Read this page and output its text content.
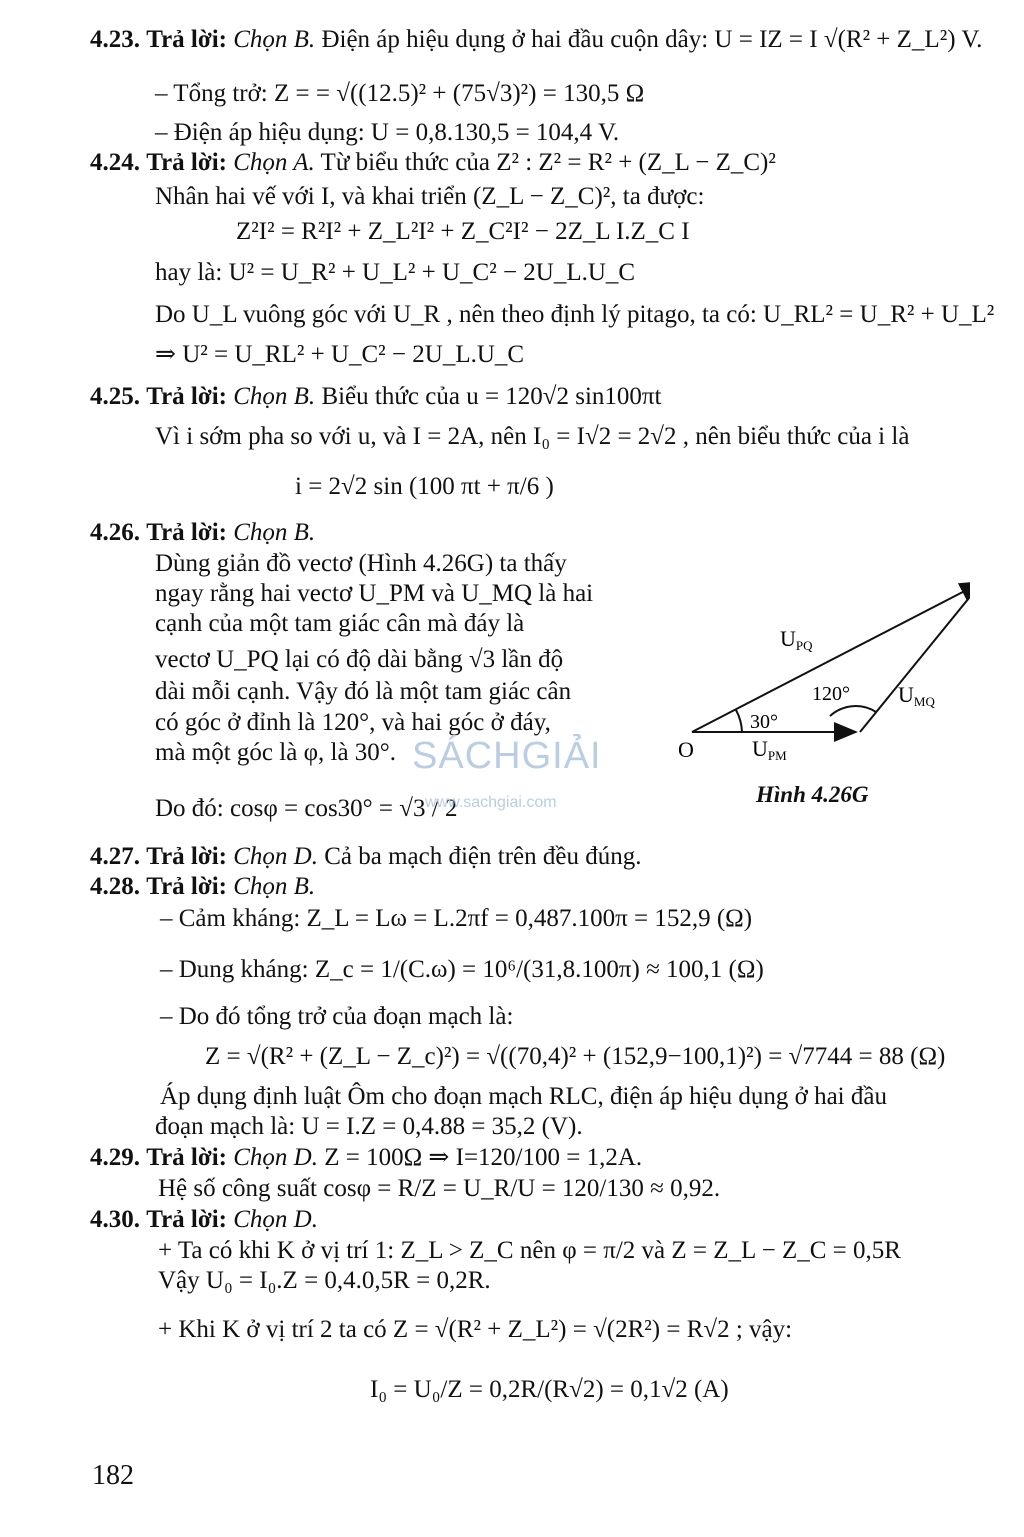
4.23. Trả lời: Chọn B. Điện áp hiệu dụng ở hai đầu cuộn dây: U = IZ = I √(R² + Z_L²) V.
– Tổng trở: Z = = √((12.5)² + (75√3)²) = 130,5 Ω
– Điện áp hiệu dụng: U = 0,8.130,5 = 104,4 V.
4.24. Trả lời: Chọn A. Từ biểu thức của Z² : Z² = R² + (Z_L − Z_C)²
Nhân hai vế với I, và khai triển (Z_L − Z_C)², ta được:
Z²I² = R²I² + Z_L²I² + Z_C²I² − 2Z_L I.Z_C I
hay là: U² = U_R² + U_L² + U_C² − 2U_L.U_C
Do U_L vuông góc với U_R , nên theo định lý pitago, ta có: U_RL² = U_R² + U_L²
⇒ U² = U_RL² + U_C² − 2U_L.U_C
4.25. Trả lời: Chọn B. Biểu thức của u = 120√2 sin100πt
Vì i sớm pha so với u, và I = 2A, nên I₀ = I√2 = 2√2 , nên biểu thức của i là
i = 2√2 sin (100 πt + π/6 )
4.26. Trả lời: Chọn B.
Dùng giản đồ vectơ (Hình 4.26G) ta thấy
ngay rằng hai vectơ U_PM và U_MQ là hai
cạnh của một tam giác cân mà đáy là
vectơ U_PQ lại có độ dài bằng √3 lần độ
dài mỗi cạnh. Vậy đó là một tam giác cân
có góc ở đỉnh là 120°, và hai góc ở đáy,
mà một góc là φ, là 30°.
Do đó: cosφ = cos30° = √3 / 2
UPQ
UMQ
UPM
O
120°
30°
Hình 4.26G
SÁCHGIẢI
www.sachgiai.com
4.27. Trả lời: Chọn D. Cả ba mạch điện trên đều đúng.
4.28. Trả lời: Chọn B.
– Cảm kháng: Z_L = Lω = L.2πf = 0,487.100π = 152,9 (Ω)
– Dung kháng: Z_c = 1/(C.ω) = 10⁶/(31,8.100π) ≈ 100,1 (Ω)
– Do đó tổng trở của đoạn mạch là:
Z = √(R² + (Z_L − Z_c)²) = √((70,4)² + (152,9−100,1)²) = √7744 = 88 (Ω)
Áp dụng định luật Ôm cho đoạn mạch RLC, điện áp hiệu dụng ở hai đầu
đoạn mạch là: U = I.Z = 0,4.88 = 35,2 (V).
4.29. Trả lời: Chọn D. Z = 100Ω ⇒ I=120/100 = 1,2A.
Hệ số công suất cosφ = R/Z = U_R/U = 120/130 ≈ 0,92.
4.30. Trả lời: Chọn D.
+ Ta có khi K ở vị trí 1: Z_L > Z_C nên φ = π/2 và Z = Z_L − Z_C = 0,5R
Vậy U₀ = I₀.Z = 0,4.0,5R = 0,2R.
+ Khi K ở vị trí 2 ta có Z = √(R² + Z_L²) = √(2R²) = R√2 ; vậy:
I₀ = U₀/Z = 0,2R/(R√2) = 0,1√2 (A)
182
